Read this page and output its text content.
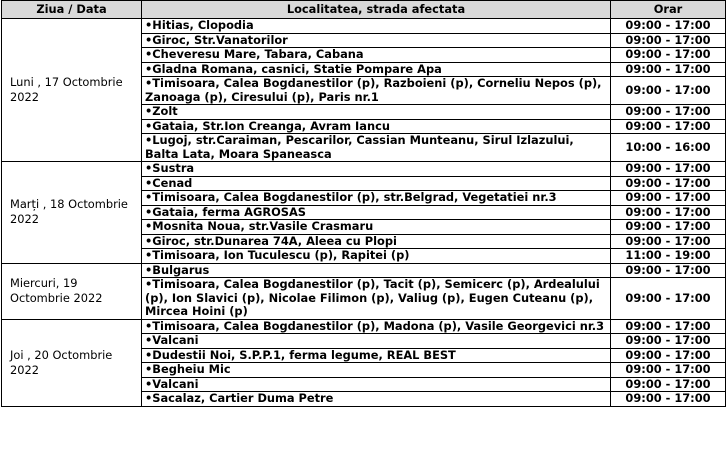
Ziua / Data	Localitatea, strada afectata	Orar
Luni , 17 Octombrie 2022	•Hitias, Clopodia	09:00 - 17:00
	•Giroc, Str.Vanatorilor	09:00 - 17:00
	•Cheveresu Mare, Tabara, Cabana	09:00 - 17:00
	•Gladna Romana, casnici, Statie Pompare Apa	09:00 - 17:00
	•Timisoara, Calea Bogdanestilor (p), Razboieni (p), Corneliu Nepos (p), Zanoaga (p), Ciresului (p), Paris nr.1	09:00 - 17:00
	•Zolt	09:00 - 17:00
	•Gataia, Str.Ion Creanga, Avram Iancu	09:00 - 17:00
	•Lugoj, str.Caraiman, Pescarilor, Cassian Munteanu, Sirul Izlazului, Balta Lata, Moara Spaneasca	10:00 - 16:00
Marți , 18 Octombrie 2022	•Sustra	09:00 - 17:00
	•Cenad	09:00 - 17:00
	•Timisoara, Calea Bogdanestilor (p), str.Belgrad, Vegetatiei nr.3	09:00 - 17:00
	•Gataia, ferma AGROSAS	09:00 - 17:00
	•Mosnita Noua, str.Vasile Crasmaru	09:00 - 17:00
	•Giroc, str.Dunarea 74A, Aleea cu Plopi	09:00 - 17:00
	•Timisoara, Ion Tuculescu (p), Rapitei (p)	11:00 - 19:00
Miercuri, 19 Octombrie 2022	•Bulgarus	09:00 - 17:00
	•Timisoara, Calea Bogdanestilor (p), Tacit (p), Semicerc (p), Ardealului (p), Ion Slavici (p), Nicolae Filimon (p), Valiug (p), Eugen Cuteanu (p), Mircea Hoini (p)	09:00 - 17:00
Joi , 20 Octombrie 2022	•Timisoara, Calea Bogdanestilor (p), Madona (p), Vasile Georgevici nr.3	09:00 - 17:00
	•Valcani	09:00 - 17:00
	•Dudestii Noi, S.P.P.1, ferma legume, REAL BEST	09:00 - 17:00
	•Begheiu Mic	09:00 - 17:00
	•Valcani	09:00 - 17:00
	•Sacalaz, Cartier Duma Petre	09:00 - 17:00
